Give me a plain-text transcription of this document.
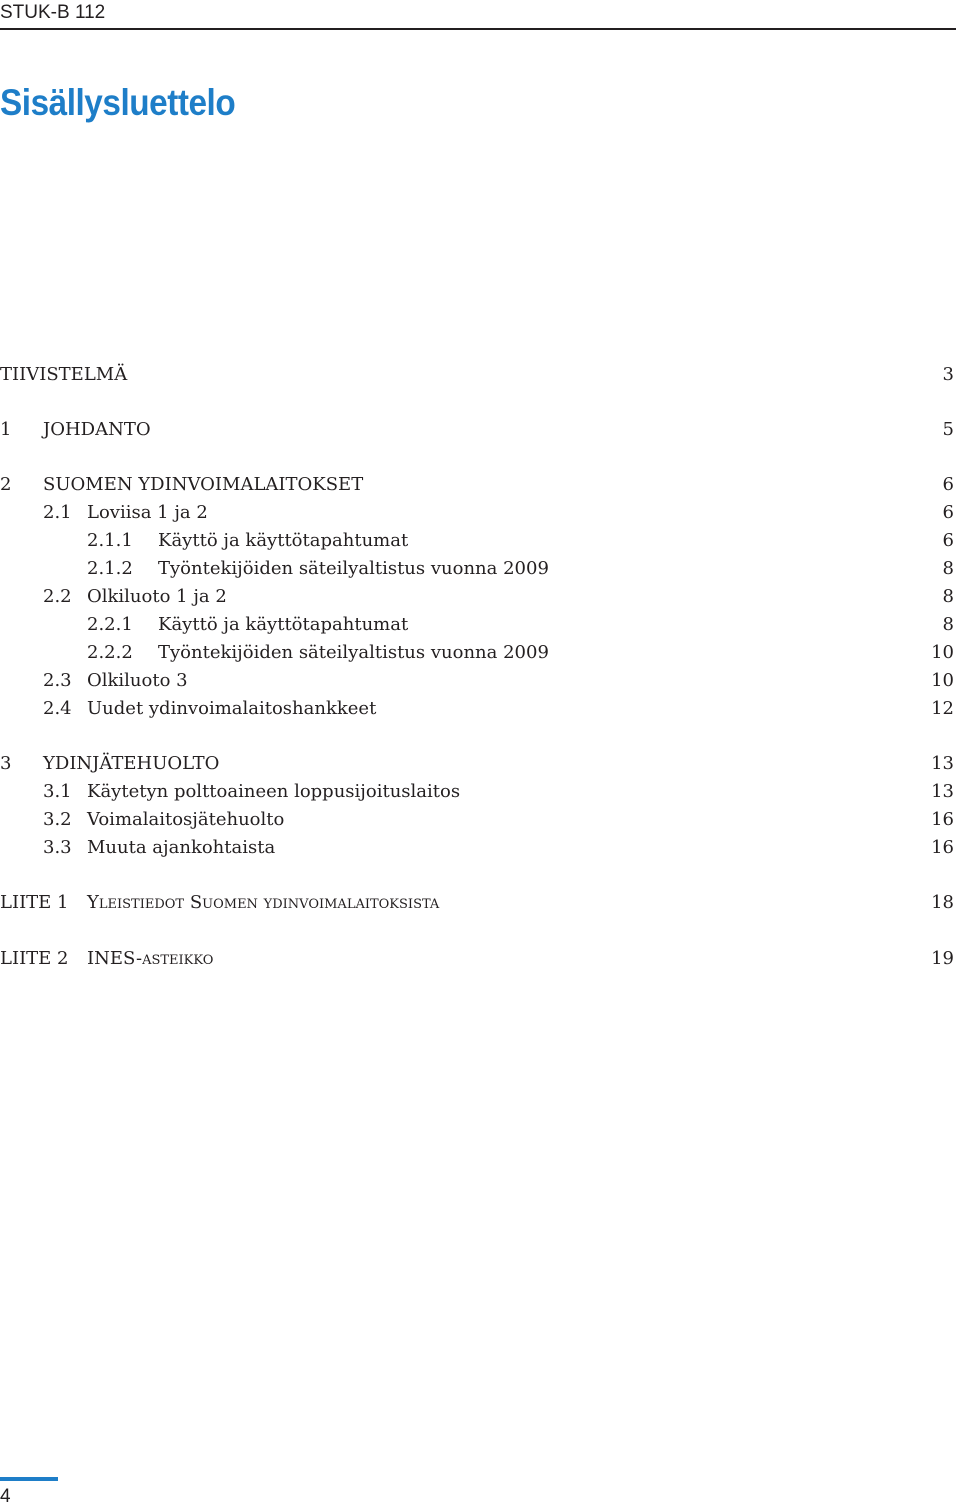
STUK-B 112
Sisällysluettelo
TIIVISTELMÄ	3
1 JOHDANTO	5
2 SUOMEN YDINVOIMALAITOKSET	6
2.1 Loviisa 1 ja 2	6
2.1.1 Käyttö ja käyttötapahtumat	6
2.1.2 Työntekijöiden säteilyaltistus vuonna 2009	8
2.2 Olkiluoto 1 ja 2	8
2.2.1 Käyttö ja käyttötapahtumat	8
2.2.2 Työntekijöiden säteilyaltistus vuonna 2009	10
2.3 Olkiluoto 3	10
2.4 Uudet ydinvoimalaitoshankkeet	12
3 YDINJÄTEHUOLTO	13
3.1 Käytetyn polttoaineen loppusijoituslaitos	13
3.2 Voimalaitosjätehuolto	16
3.3 Muuta ajankohtaista	16
LIITE 1 Yleistiedot Suomen ydinvoimalaitoksista	18
LIITE 2 INES-asteikko	19
4
